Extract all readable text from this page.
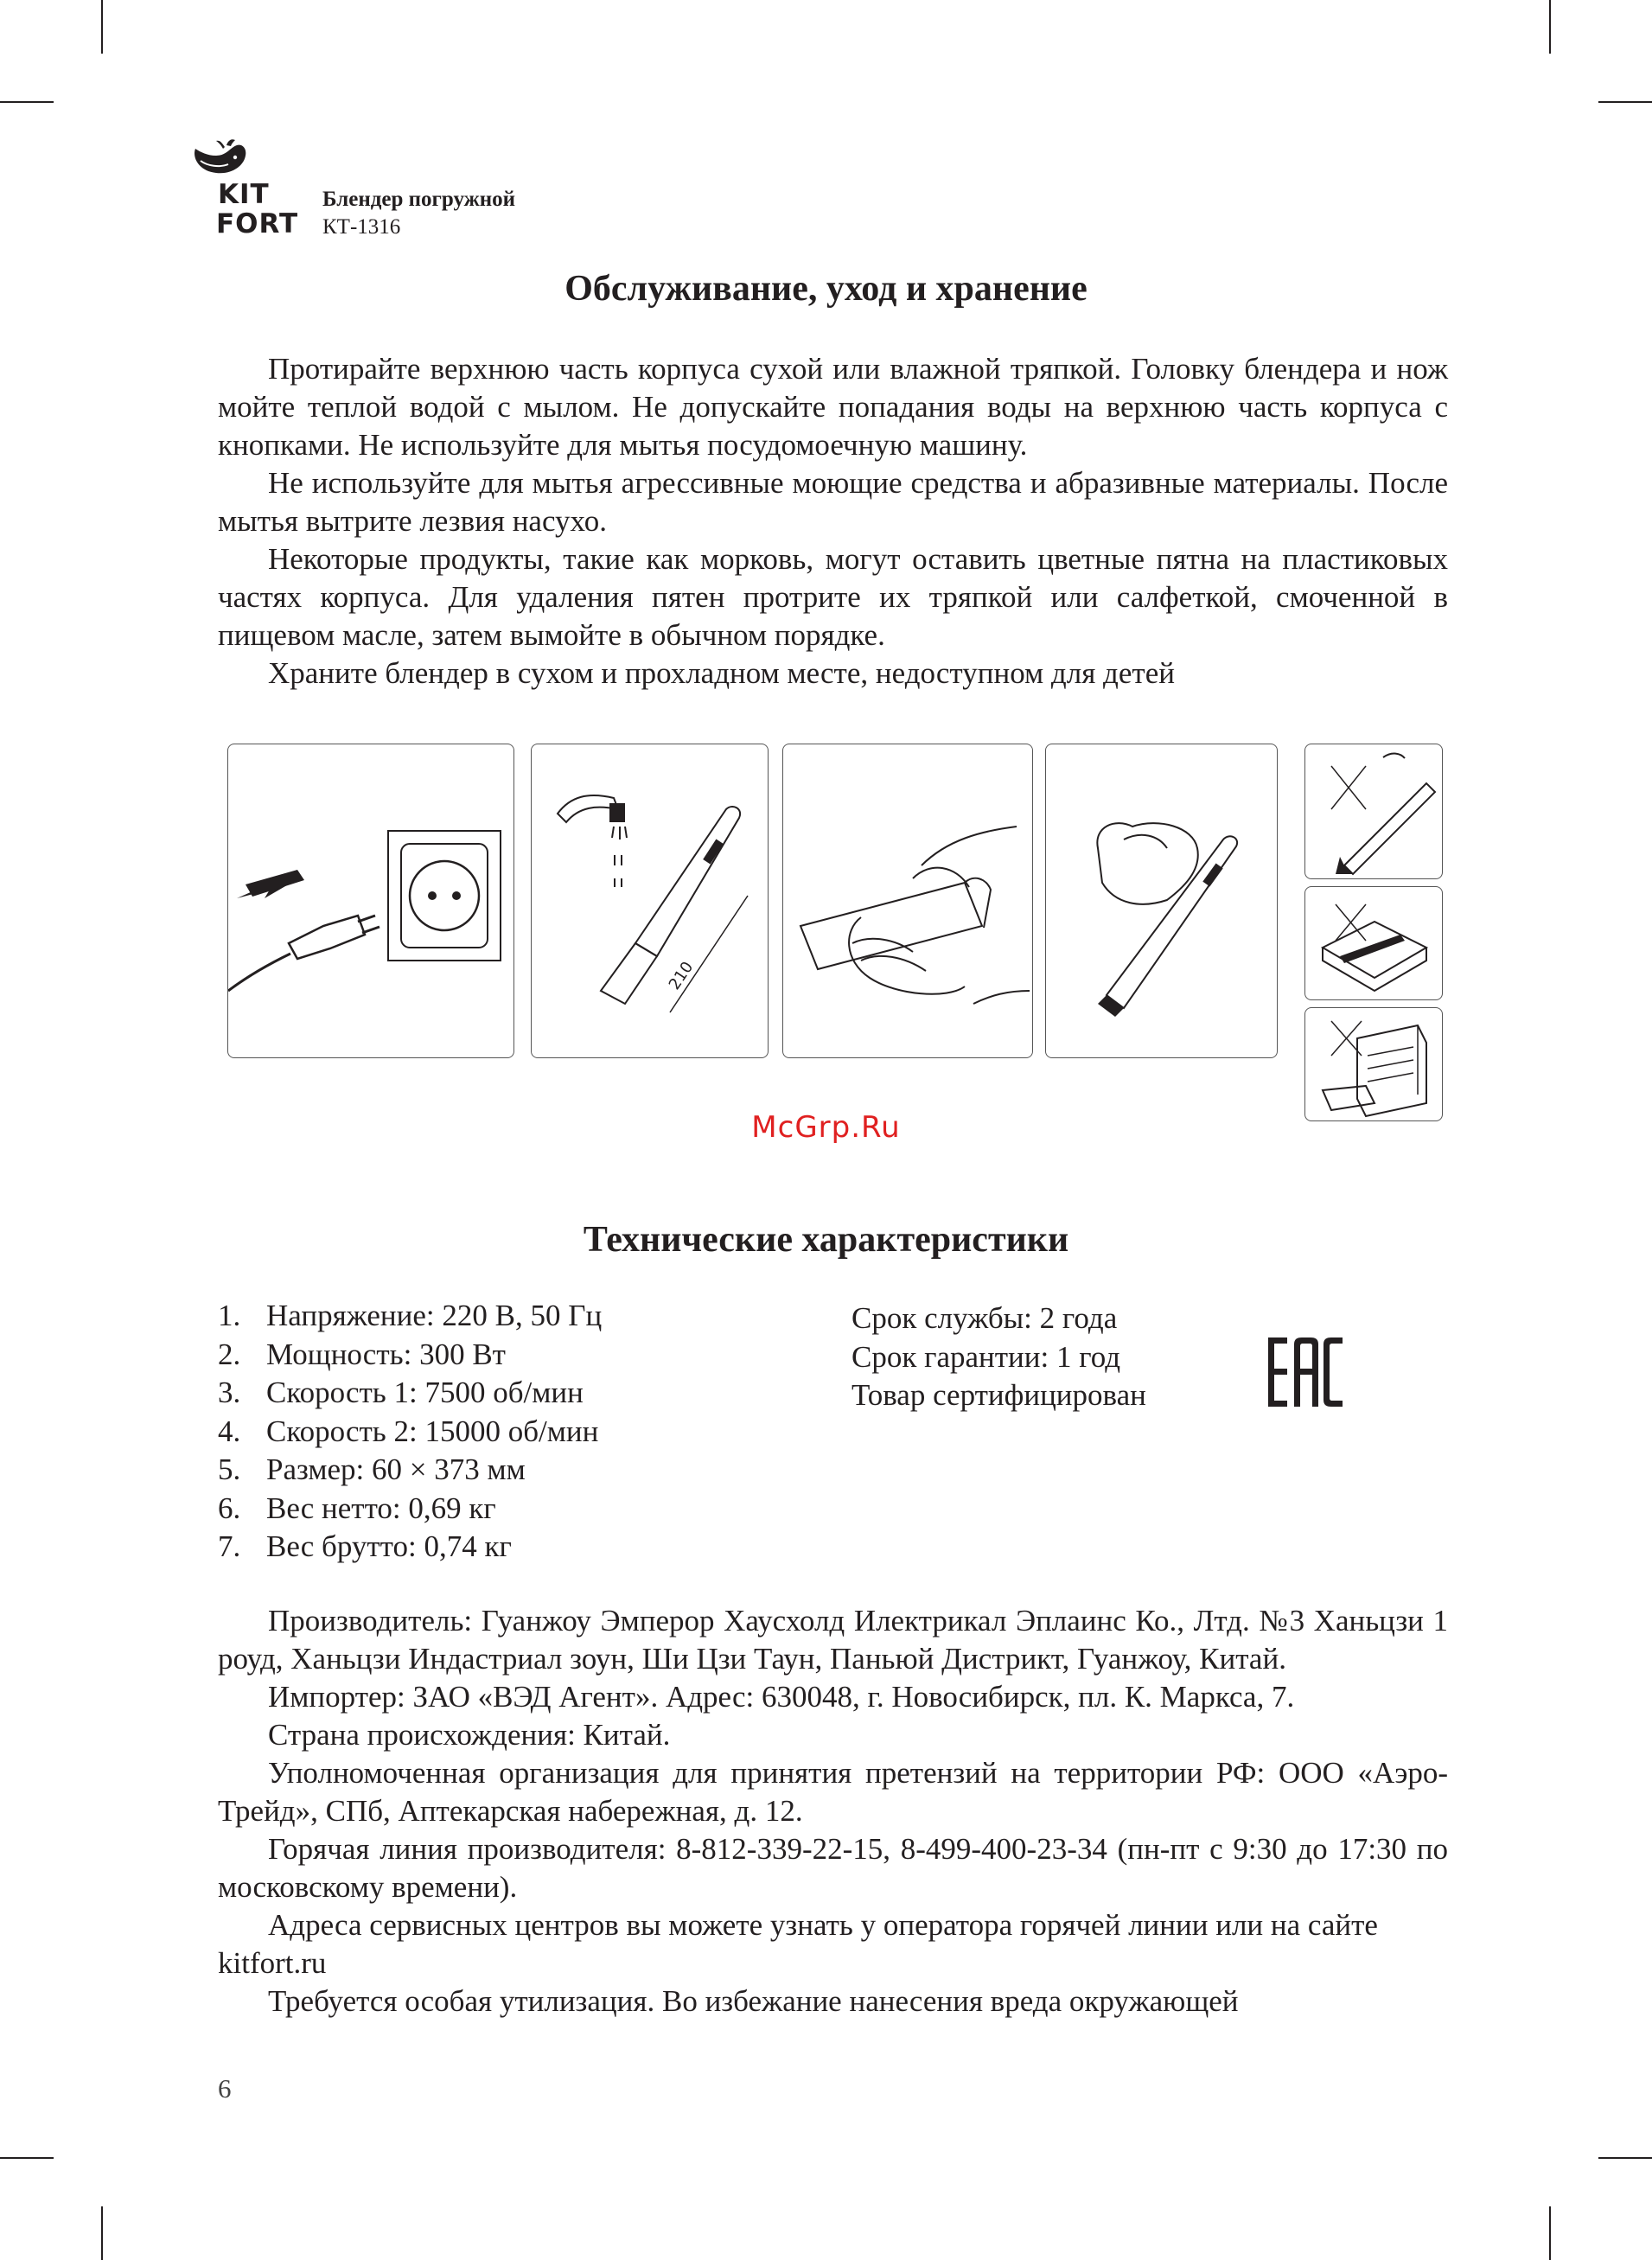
KIT
FORT
Блендер погружной
КТ-1316
Обслуживание, уход и хранение

Протирайте верхнюю часть корпуса сухой или влажной тряпкой. Головку блендера и нож мойте теплой водой с мылом. Не допускайте попадания воды на верхнюю часть корпуса с кнопками. Не используйте для мытья посудомоечную машину.

Не используйте для мытья агрессивные моющие средства и абразивные материалы. После мытья вытрите лезвия насухо.

Некоторые продукты, такие как морковь, могут оставить цветные пятна на пластиковых частях корпуса. Для удаления пятен протрите их тряпкой или салфеткой, смоченной в пищевом масле, затем вымойте в обычном порядке.

Храните блендер в сухом и прохладном месте, недоступном для детей

210
McGrp.Ru
Технические характеристики
1. Напряжение: 220 В, 50 Гц
2. Мощность: 300 Вт
3. Скорость 1: 7500 об/мин
4. Скорость 2: 15000 об/мин
5. Размер: 60 × 373 мм
6. Вес нетто: 0,69 кг
7. Вес брутто: 0,74 кг
Срок службы: 2 года
Срок гарантии: 1 год
Товар сертифицирован

Производитель: Гуанжоу Эмперор Хаусхолд Илектрикал Эплаинс Ко., Лтд. №3 Ханьцзи 1 роуд, Ханьцзи Индастриал зоун, Ши Цзи Таун, Паньюй Дистрикт, Гуанжоу, Китай.

Импортер: ЗАО «ВЭД Агент». Адрес: 630048, г. Новосибирск, пл. К. Маркса, 7.

Страна происхождения: Китай.

Уполномоченная организация для принятия претензий на территории РФ: ООО «Аэро-Трейд», СПб, Аптекарская набережная, д. 12.

Горячая линия производителя: 8-812-339-22-15, 8-499-400-23-34 (пн-пт с 9:30 до 17:30 по московскому времени).

Адреса сервисных центров вы можете узнать у оператора горячей линии или на сайте kitfort.ru

Требуется особая утилизация. Во избежание нанесения вреда окружающей

6
